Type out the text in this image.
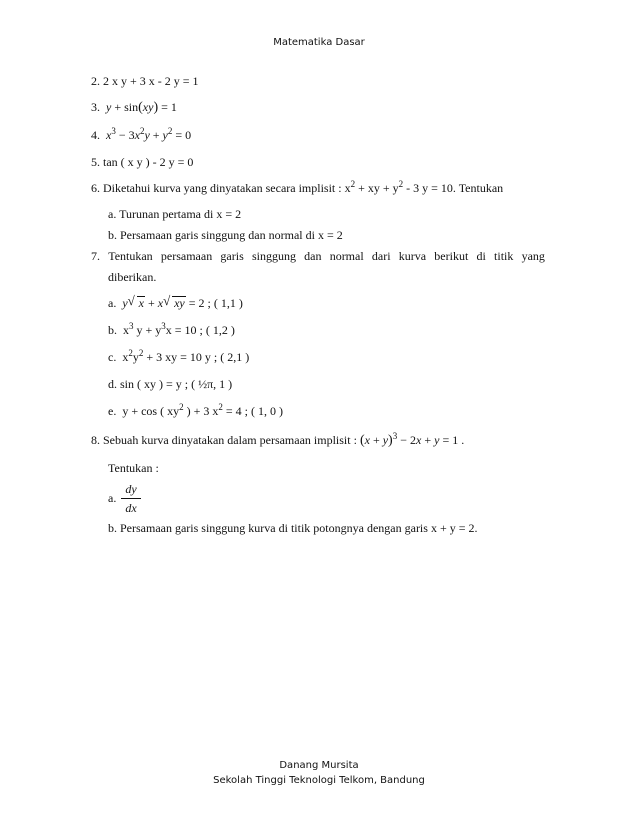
Matematika Dasar
2. 2 x y + 3 x - 2 y = 1
3. y + sin(xy) = 1
4. $x^3 - 3x^2y + y^2 = 0$
5. tan ( x y ) - 2 y = 0
6. Diketahui kurva yang dinyatakan secara implisit : $x^2$ + xy + $y^2 - 3$ y = 10. Tentukan
a. Turunan pertama di x = 2
b. Persamaan garis singgung dan normal di x = 2
7. Tentukan persamaan garis singgung dan normal dari kurva berikut di titik yang
diberikan.
a. y √ x + x √ xy = 2 ; ( 1,1 )
b.  $x^3$ $y + y^3x = 10$ ; ( 1,2 )
c.  $x^2y^2 + 3$ xy = 10 y ; ( 2,1 )
d. sin ( xy ) = y ; ( ½π, 1 )
e. y + cos ( $xy^2$ ) + 3 $x^2 = 4$ ; ( 1, 0 )
8. Sebuah kurva dinyatakan dalam persamaan implisit : $(x + y)^3 - 2x + y = 1$ .
Tentukan :
a. $\frac{dy}{dx}$
b. Persamaan garis singgung kurva di titik potongnya dengan garis x + y = 2.
Danang Mursita
Sekolah Tinggi Teknologi Telkom, Bandung
